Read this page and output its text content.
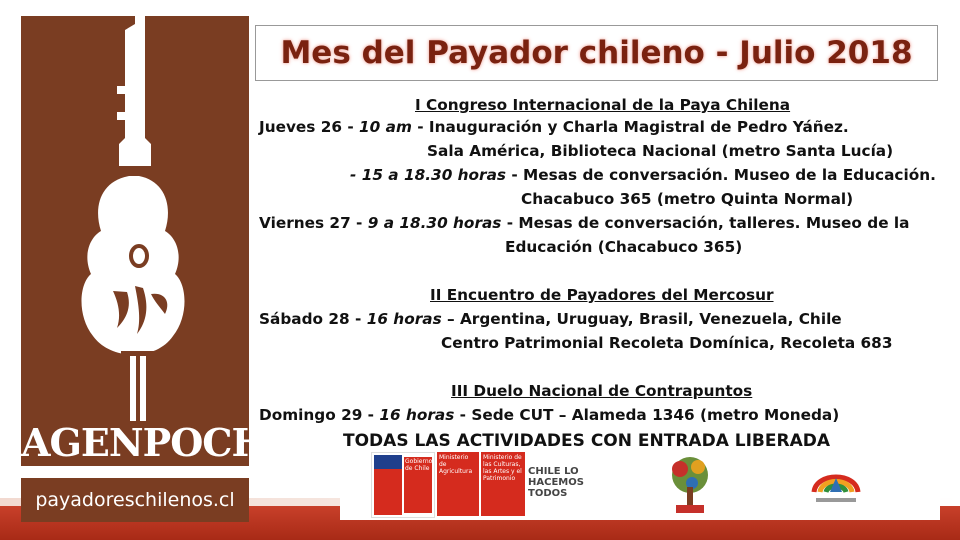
AGENPOCH
payadoreschilenos.cl
Mes del Payador chileno - Julio 2018
I Congreso Internacional de la Paya Chilena
Jueves 26 - 10 am - Inauguración y Charla Magistral de Pedro Yáñez.
Sala América, Biblioteca Nacional (metro Santa Lucía)
- 15 a 18.30 horas - Mesas de conversación. Museo de la Educación.
Chacabuco 365 (metro Quinta Normal)
Viernes 27 - 9 a 18.30 horas - Mesas de conversación, talleres. Museo de la
Educación (Chacabuco 365)
II Encuentro de Payadores del Mercosur
Sábado 28 - 16 horas – Argentina, Uruguay, Brasil, Venezuela, Chile
Centro Patrimonial Recoleta Domínica, Recoleta 683
III Duelo Nacional de Contrapuntos
Domingo 29 - 16 horas - Sede CUT – Alameda 1346 (metro Moneda)
TODAS LAS ACTIVIDADES CON ENTRADA LIBERADA
Gobierno de Chile
Ministerio de Agricultura
Ministerio de las Culturas, las Artes y el Patrimonio
CHILE LO HACEMOS TODOS
